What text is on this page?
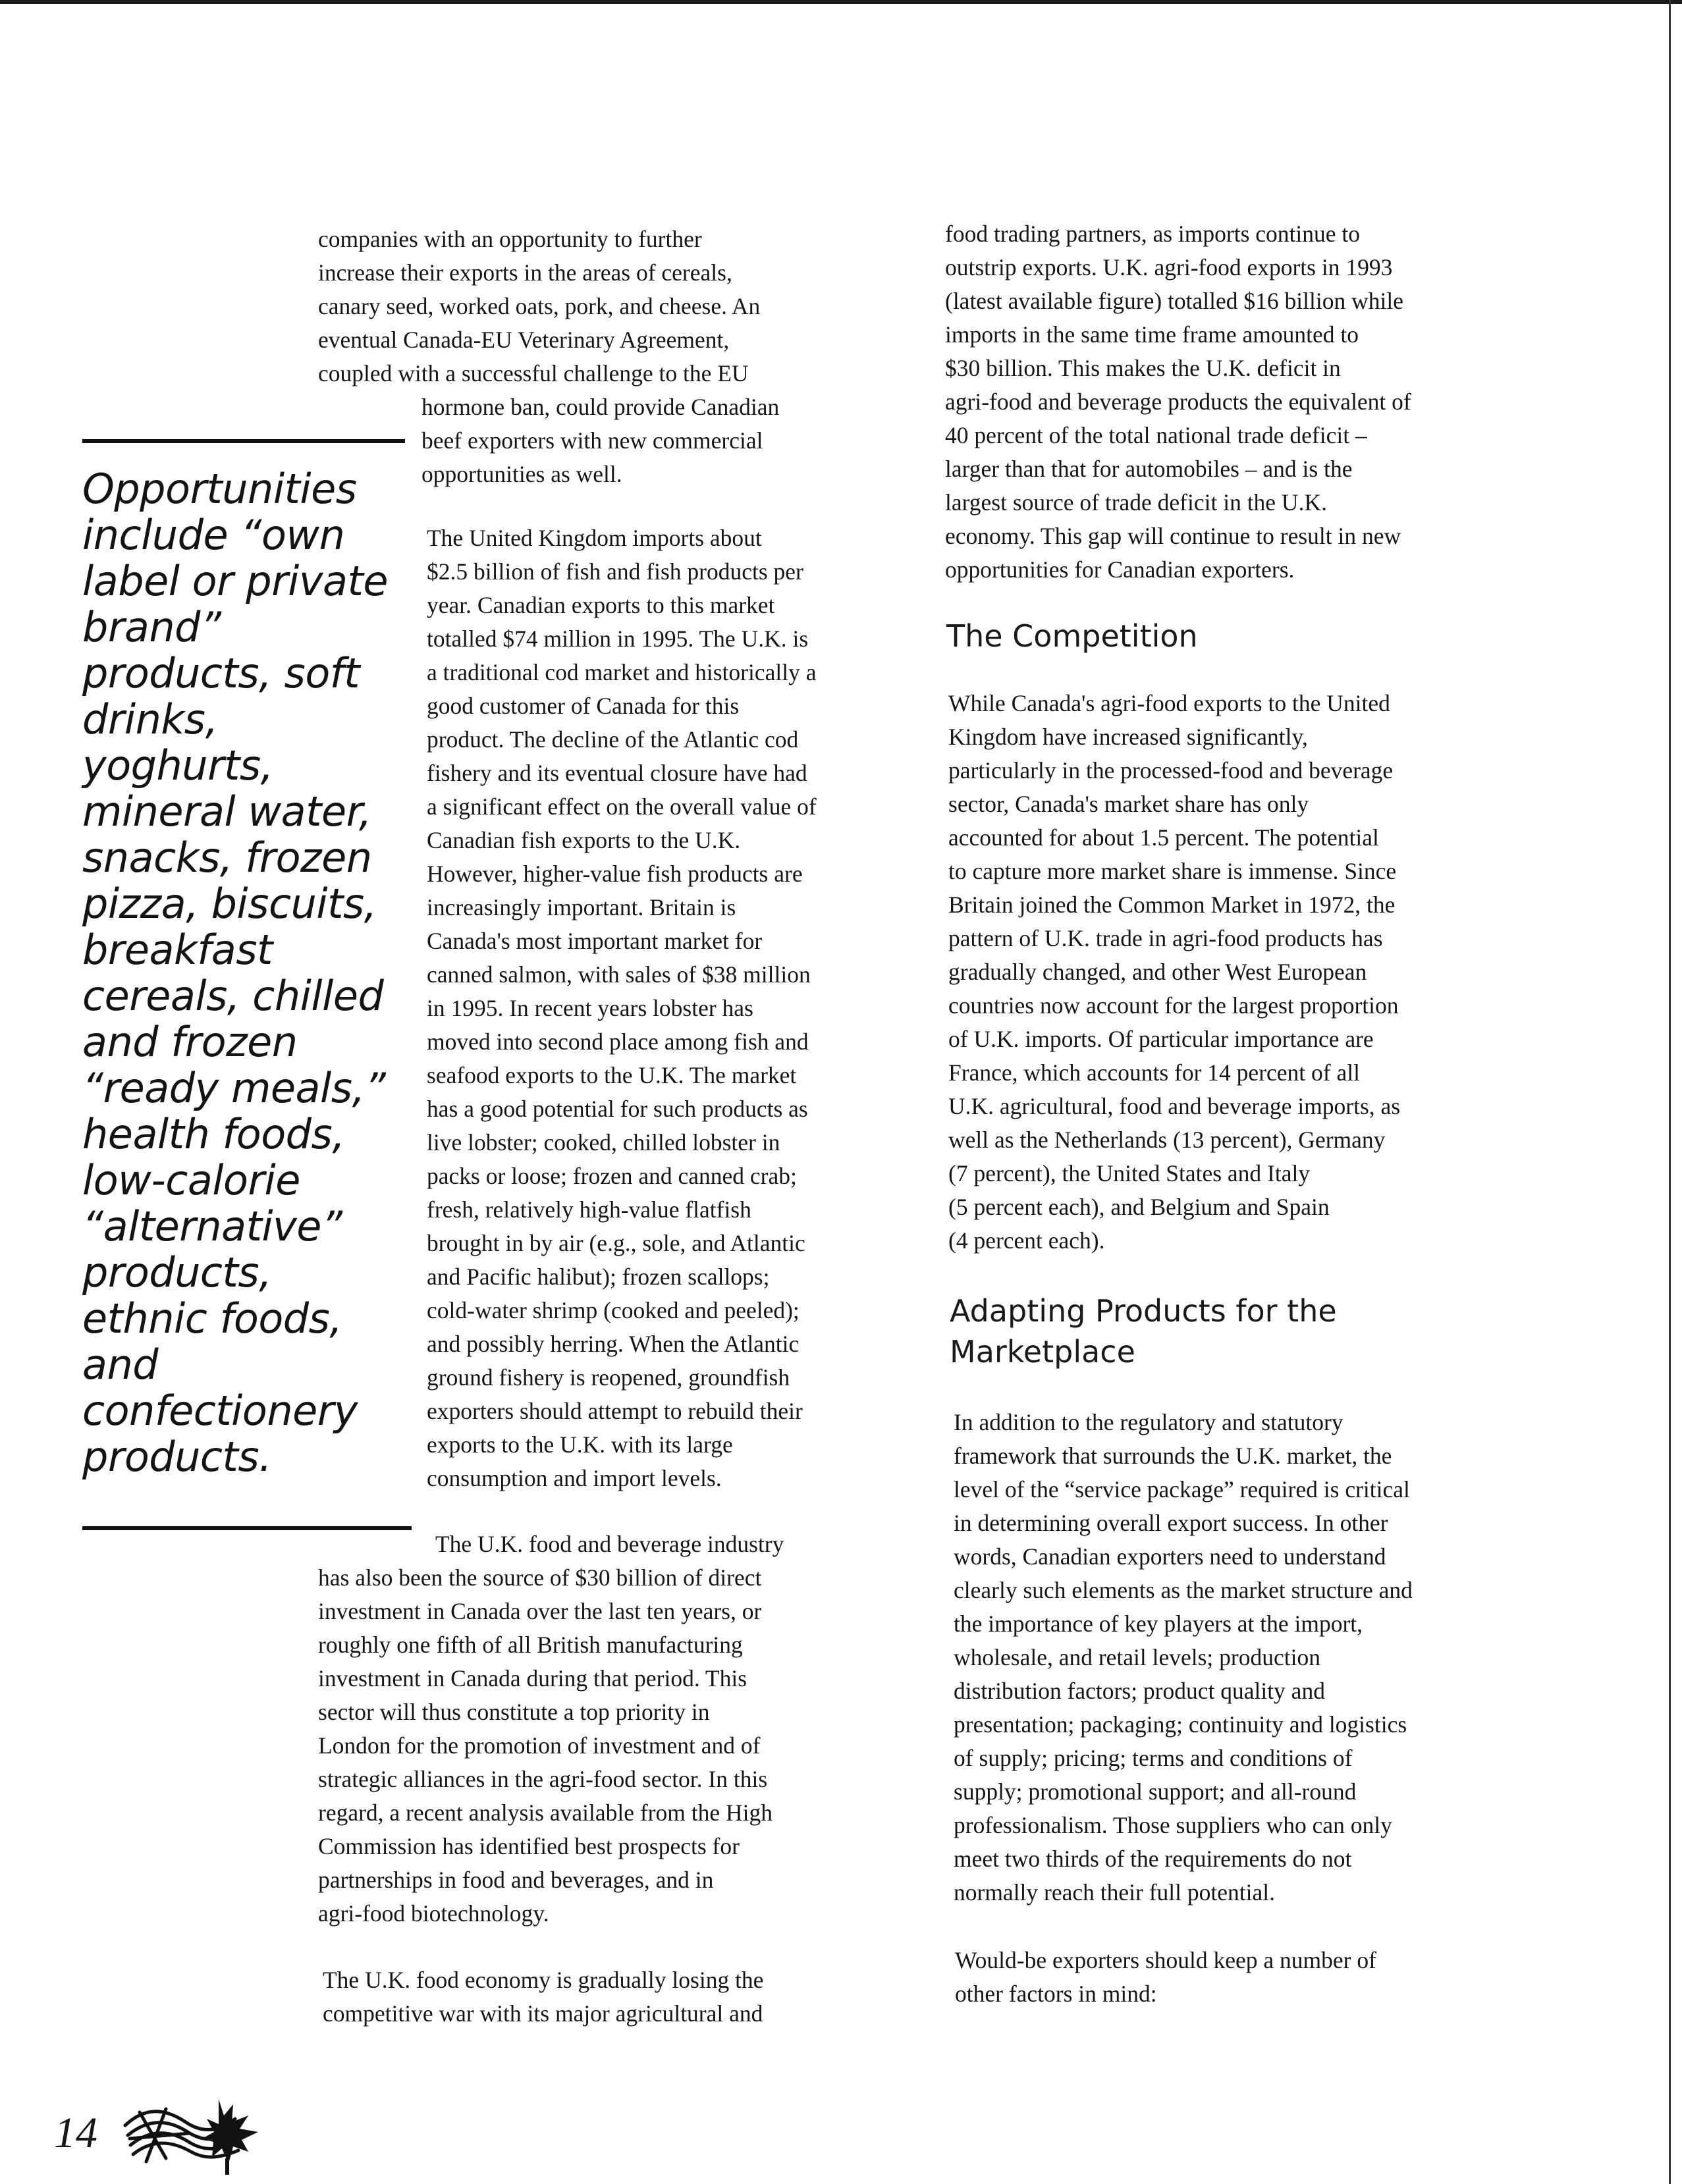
companies with an opportunity to further
increase their exports in the areas of cereals,
canary seed, worked oats, pork, and cheese. An
eventual Canada-EU Veterinary Agreement,
coupled with a successful challenge to the EU
hormone ban, could provide Canadian
beef exporters with new commercial
opportunities as well.
The United Kingdom imports about
$2.5 billion of fish and fish products per
year. Canadian exports to this market
totalled $74 million in 1995. The U.K. is
a traditional cod market and historically a
good customer of Canada for this
product. The decline of the Atlantic cod
fishery and its eventual closure have had
a significant effect on the overall value of
Canadian fish exports to the U.K.
However, higher-value fish products are
increasingly important. Britain is
Canada's most important market for
canned salmon, with sales of $38 million
in 1995. In recent years lobster has
moved into second place among fish and
seafood exports to the U.K. The market
has a good potential for such products as
live lobster; cooked, chilled lobster in
packs or loose; frozen and canned crab;
fresh, relatively high-value flatfish
brought in by air (e.g., sole, and Atlantic
and Pacific halibut); frozen scallops;
cold-water shrimp (cooked and peeled);
and possibly herring. When the Atlantic
ground fishery is reopened, groundfish
exporters should attempt to rebuild their
exports to the U.K. with its large
consumption and import levels.
The U.K. food and beverage industry
has also been the source of $30 billion of direct
investment in Canada over the last ten years, or
roughly one fifth of all British manufacturing
investment in Canada during that period. This
sector will thus constitute a top priority in
London for the promotion of investment and of
strategic alliances in the agri-food sector. In this
regard, a recent analysis available from the High
Commission has identified best prospects for
partnerships in food and beverages, and in
agri-food biotechnology.
The U.K. food economy is gradually losing the
competitive war with its major agricultural and
Opportunities
include “own
label or private
brand”
products, soft
drinks,
yoghurts,
mineral water,
snacks, frozen
pizza, biscuits,
breakfast
cereals, chilled
and frozen
“ready meals,”
health foods,
low-calorie
“alternative”
products,
ethnic foods,
and
confectionery
products.
food trading partners, as imports continue to
outstrip exports. U.K. agri-food exports in 1993
(latest available figure) totalled $16 billion while
imports in the same time frame amounted to
$30 billion. This makes the U.K. deficit in
agri-food and beverage products the equivalent of
40 percent of the total national trade deficit –
larger than that for automobiles – and is the
largest source of trade deficit in the U.K.
economy. This gap will continue to result in new
opportunities for Canadian exporters.
The Competition
While Canada's agri-food exports to the United
Kingdom have increased significantly,
particularly in the processed-food and beverage
sector, Canada's market share has only
accounted for about 1.5 percent. The potential
to capture more market share is immense. Since
Britain joined the Common Market in 1972, the
pattern of U.K. trade in agri-food products has
gradually changed, and other West European
countries now account for the largest proportion
of U.K. imports. Of particular importance are
France, which accounts for 14 percent of all
U.K. agricultural, food and beverage imports, as
well as the Netherlands (13 percent), Germany
(7 percent), the United States and Italy
(5 percent each), and Belgium and Spain
(4 percent each).
Adapting Products for the
Marketplace
In addition to the regulatory and statutory
framework that surrounds the U.K. market, the
level of the “service package” required is critical
in determining overall export success. In other
words, Canadian exporters need to understand
clearly such elements as the market structure and
the importance of key players at the import,
wholesale, and retail levels; production
distribution factors; product quality and
presentation; packaging; continuity and logistics
of supply; pricing; terms and conditions of
supply; promotional support; and all-round
professionalism. Those suppliers who can only
meet two thirds of the requirements do not
normally reach their full potential.
Would-be exporters should keep a number of
other factors in mind:
14
